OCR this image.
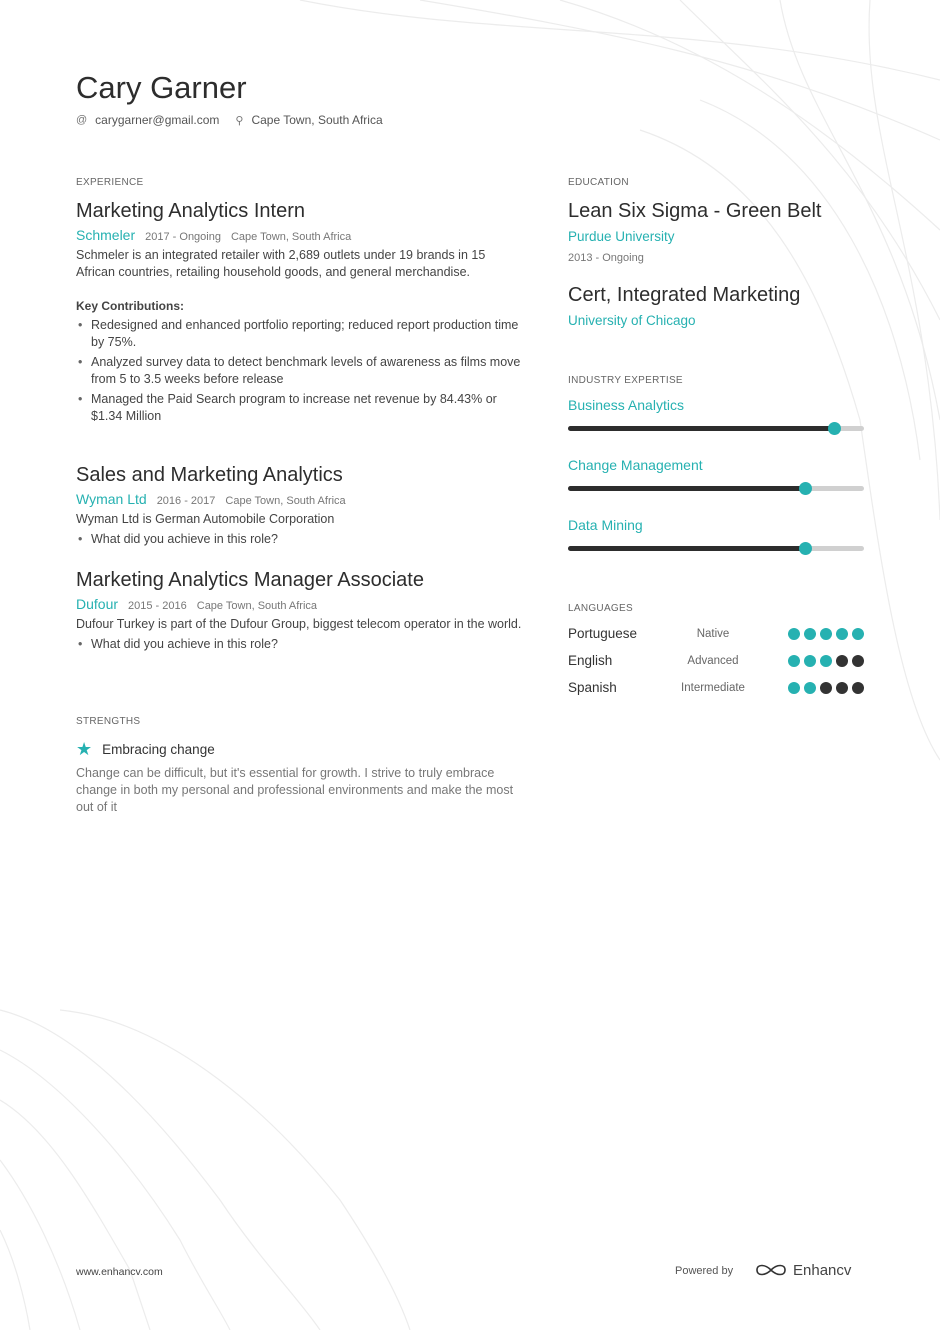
Cary Garner
@ carygarner@gmail.com ⚲ Cape Town, South Africa
EXPERIENCE
Marketing Analytics Intern
Schmeler 2017 - Ongoing Cape Town, South Africa
Schmeler is an integrated retailer with 2,689 outlets under 19 brands in 15 African countries, retailing household goods, and general merchandise.
Key Contributions:
• Redesigned and enhanced portfolio reporting; reduced report production time by 75%.
• Analyzed survey data to detect benchmark levels of awareness as films move from 5 to 3.5 weeks before release
• Managed the Paid Search program to increase net revenue by 84.43% or $1.34 Million
Sales and Marketing Analytics
Wyman Ltd 2016 - 2017 Cape Town, South Africa
Wyman Ltd is German Automobile Corporation
• What did you achieve in this role?
Marketing Analytics Manager Associate
Dufour 2015 - 2016 Cape Town, South Africa
Dufour Turkey is part of the Dufour Group, biggest telecom operator in the world.
• What did you achieve in this role?
STRENGTHS
★ Embracing change
Change can be difficult, but it's essential for growth. I strive to truly embrace change in both my personal and professional environments and make the most out of it
EDUCATION
Lean Six Sigma - Green Belt
Purdue University
2013 - Ongoing
Cert, Integrated Marketing
University of Chicago
INDUSTRY EXPERTISE
Business Analytics
Change Management
Data Mining
LANGUAGES
Portuguese	Native
English	Advanced
Spanish	Intermediate
www.enhancv.com	Powered by	Enhancv
